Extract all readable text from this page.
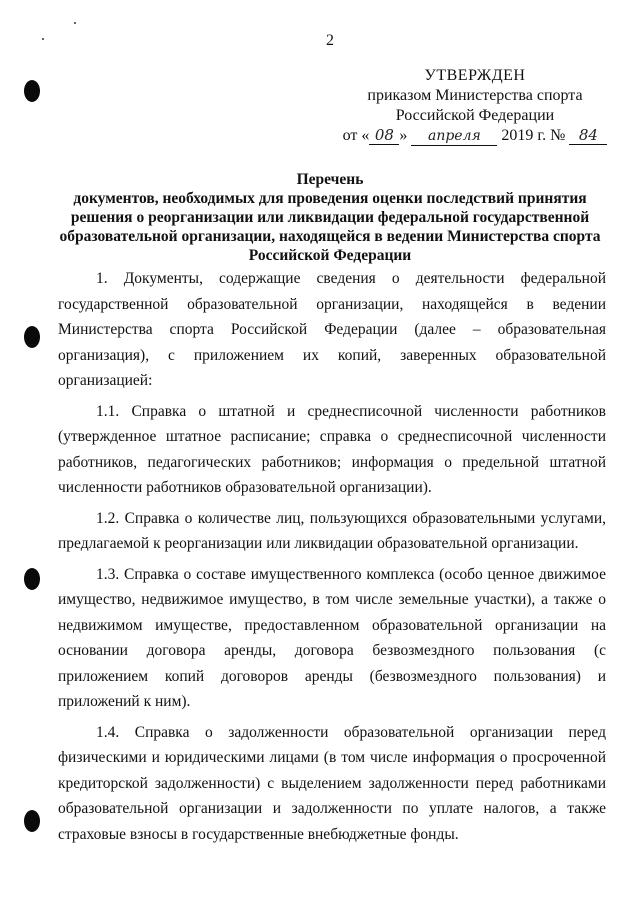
2
УТВЕРЖДЕН
приказом Министерства спорта
Российской Федерации
от « 08 » апреля 2019 г. № 84
Перечень
документов, необходимых для проведения оценки последствий принятия решения о реорганизации или ликвидации федеральной государственной образовательной организации, находящейся в ведении Министерства спорта Российской Федерации

1. Документы, содержащие сведения о деятельности федеральной государственной образовательной организации, находящейся в ведении Министерства спорта Российской Федерации (далее – образовательная организация), с приложением их копий, заверенных образовательной организацией:

1.1. Справка о штатной и среднесписочной численности работников (утвержденное штатное расписание; справка о среднесписочной численности работников, педагогических работников; информация о предельной штатной численности работников образовательной организации).

1.2. Справка о количестве лиц, пользующихся образовательными услугами, предлагаемой к реорганизации или ликвидации образовательной организации.

1.3. Справка о составе имущественного комплекса (особо ценное движимое имущество, недвижимое имущество, в том числе земельные участки), а также о недвижимом имуществе, предоставленном образовательной организации на основании договора аренды, договора безвозмездного пользования (с приложением копий договоров аренды (безвозмездного пользования) и приложений к ним).

1.4. Справка о задолженности образовательной организации перед физическими и юридическими лицами (в том числе информация о просроченной кредиторской задолженности) с выделением задолженности перед работниками образовательной организации и задолженности по уплате налогов, а также страховые взносы в государственные внебюджетные фонды.
